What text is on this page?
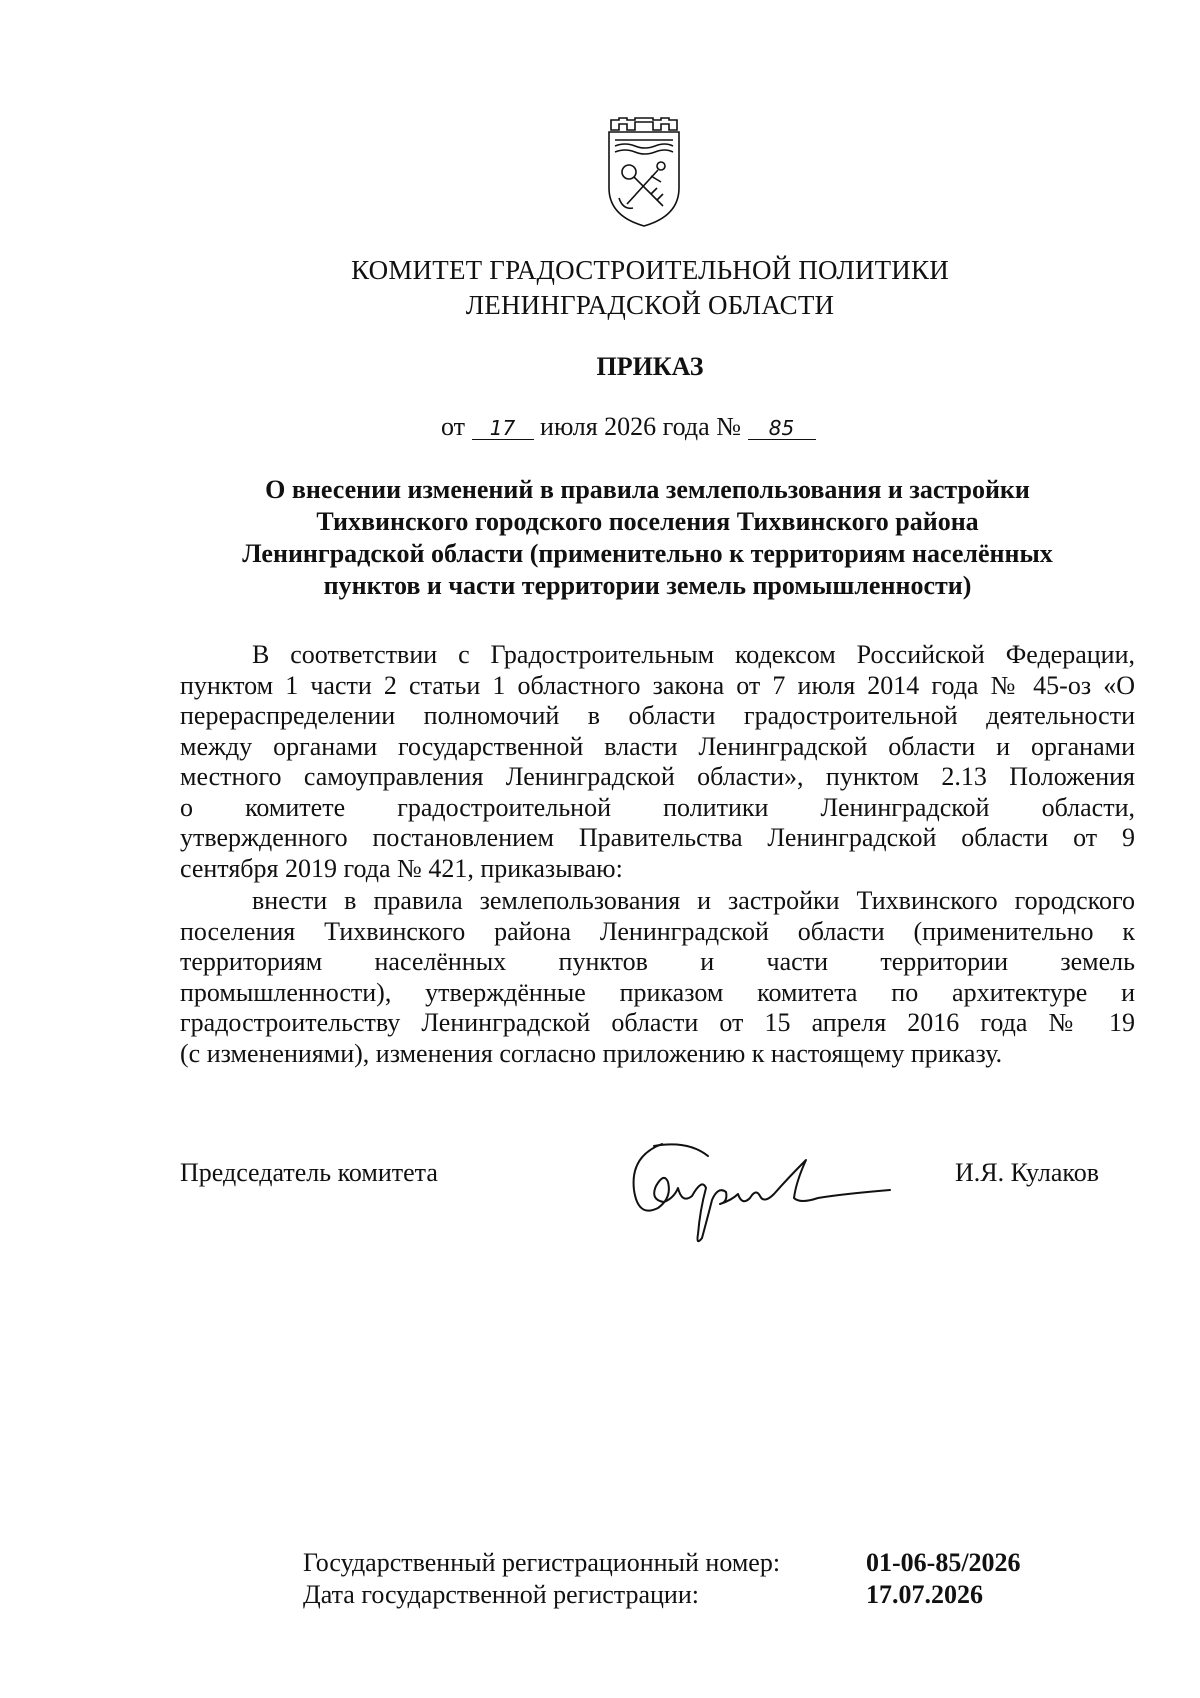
КОМИТЕТ ГРАДОСТРОИТЕЛЬНОЙ ПОЛИТИКИ
ЛЕНИНГРАДСКОЙ ОБЛАСТИ
ПРИКАЗ
от 17 июля 2026 года № 85
О внесении изменений в правила землепользования и застройки
Тихвинского городского поселения Тихвинского района
Ленинградской области (применительно к территориям населённых
пунктов и части территории земель промышленности)
В соответствии с Градостроительным кодексом Российской Федерации,
пунктом 1 части 2 статьи 1 областного закона от 7 июля 2014 года № 45-оз «О
перераспределении полномочий в области градостроительной деятельности
между органами государственной власти Ленинградской области и органами
местного самоуправления Ленинградской области», пунктом 2.13 Положения
о комитете градостроительной политики Ленинградской области,
утвержденного постановлением Правительства Ленинградской области от 9
сентября 2019 года № 421, приказываю:
внести в правила землепользования и застройки Тихвинского городского
поселения Тихвинского района Ленинградской области (применительно к
территориям населённых пунктов и части территории земель
промышленности), утверждённые приказом комитета по архитектуре и
градостроительству Ленинградской области от 15 апреля 2016 года № 19
(с изменениями), изменения согласно приложению к настоящему приказу.
Председатель комитета	И.Я. Кулаков
Государственный регистрационный номер:	01-06-85/2026
Дата государственной регистрации:	17.07.2026
